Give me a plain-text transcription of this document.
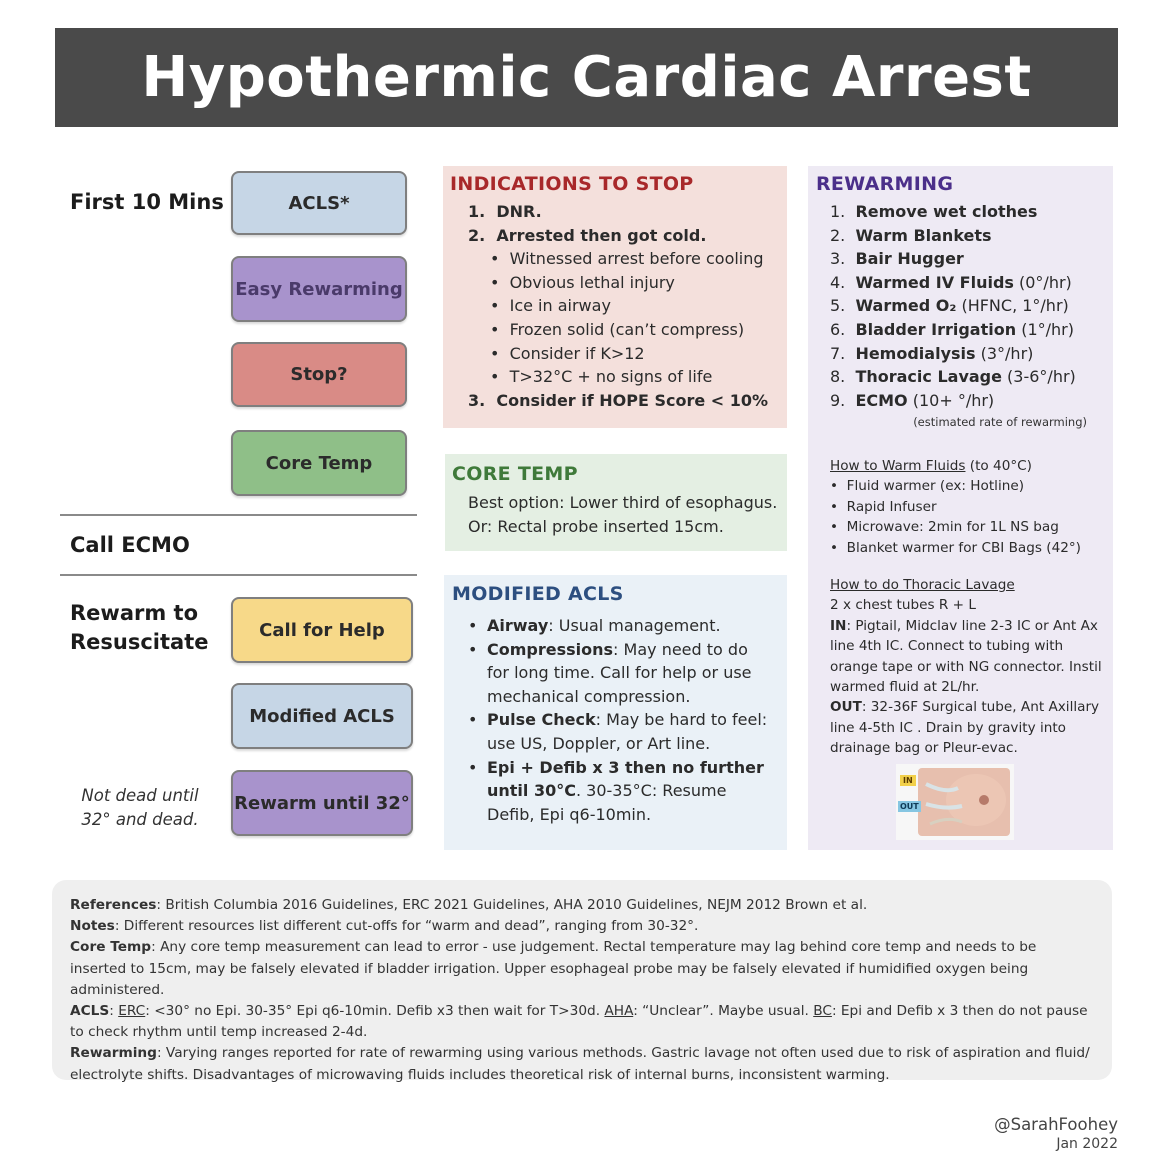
Hypothermic Cardiac Arrest
First 10 Mins
Call ECMO
Rewarm to
Resuscitate
Not dead until
32° and dead.
ACLS*
Easy Rewarming
Stop?
Core Temp
Call for Help
Modified ACLS
Rewarm until 32°
INDICATIONS TO STOP
1. DNR.
2. Arrested then got cold.
•  Witnessed arrest before cooling
•  Obvious lethal injury
•  Ice in airway
•  Frozen solid (can’t compress)
•  Consider if K>12
•  T>32°C + no signs of life
3. Consider if HOPE Score < 10%
CORE TEMP
Best option: Lower third of esophagus.
Or: Rectal probe inserted 15cm.
MODIFIED ACLS
• Airway: Usual management.
• Compressions: May need to do for long time. Call for help or use mechanical compression.
• Pulse Check: May be hard to feel: use US, Doppler, or Art line.
• Epi + Defib x 3 then no further until 30°C. 30-35°C: Resume Defib, Epi q6-10min.
REWARMING
1. Remove wet clothes
2. Warm Blankets
3. Bair Hugger
4. Warmed IV Fluids (0°/hr)
5. Warmed O₂ (HFNC, 1°/hr)
6. Bladder Irrigation (1°/hr)
7. Hemodialysis (3°/hr)
8. Thoracic Lavage (3-6°/hr)
9. ECMO (10+ °/hr)
(estimated rate of rewarming)
How to Warm Fluids (to 40°C)
•  Fluid warmer (ex: Hotline)
•  Rapid Infuser
•  Microwave: 2min for 1L NS bag
•  Blanket warmer for CBI Bags (42°)
How to do Thoracic Lavage
2 x chest tubes R + L
IN: Pigtail, Midclav line 2-3 IC or Ant Ax line 4th IC. Connect to tubing with orange tape or with NG connector. Instil warmed fluid at 2L/hr.
OUT: 32-36F Surgical tube, Ant Axillary line 4-5th IC . Drain by gravity into drainage bag or Pleur-evac.
IN
OUT

References: British Columbia 2016 Guidelines, ERC 2021 Guidelines, AHA 2010 Guidelines, NEJM 2012 Brown et al.

Notes: Different resources list different cut-offs for “warm and dead”, ranging from 30-32°.

Core Temp: Any core temp measurement can lead to error - use judgement. Rectal temperature may lag behind core temp and needs to be inserted to 15cm, may be falsely elevated if bladder irrigation. Upper esophageal probe may be falsely elevated if humidified oxygen being administered.

ACLS: ERC: <30° no Epi. 30-35° Epi q6-10min. Defib x3 then wait for T>30d. AHA: “Unclear”. Maybe usual. BC: Epi and Defib x 3 then do not pause to check rhythm until temp increased 2-4d.

Rewarming: Varying ranges reported for rate of rewarming using various methods. Gastric lavage not often used due to risk of aspiration and fluid/ electrolyte shifts. Disadvantages of microwaving fluids includes theoretical risk of internal burns, inconsistent warming.

@SarahFoohey
Jan 2022
